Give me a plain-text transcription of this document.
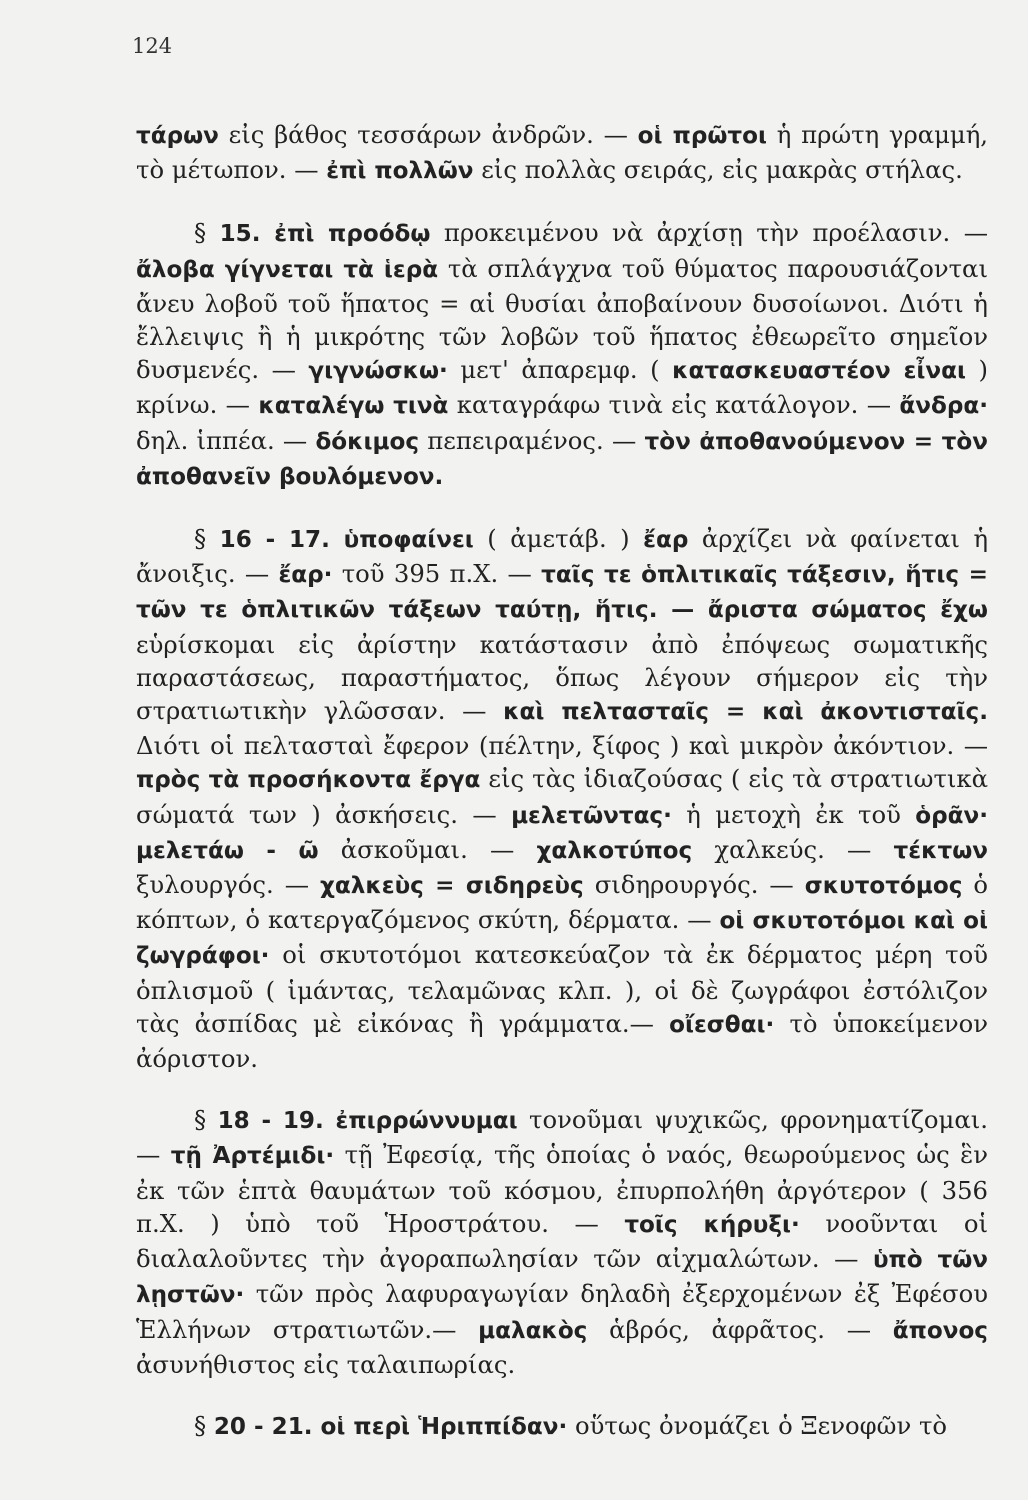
124

τάρων εἰς βάθος τεσσάρων ἀνδρῶν. — οἱ πρῶτοι ἡ πρώτη γραμμή, τὸ μέτωπον. — ἐπὶ πολλῶν εἰς πολλὰς σειράς, εἰς μακρὰς στήλας.

§ 15. ἐπὶ προόδῳ προκειμένου νὰ ἀρχίσῃ τὴν προέλασιν. — ἄλοβα γίγνεται τὰ ἱερὰ τὰ σπλάγχνα τοῦ θύματος παρουσιάζονται ἄνευ λοβοῦ τοῦ ἥπατος = αἱ θυσίαι ἀποβαίνουν δυσοίωνοι. Διότι ἡ ἔλλειψις ἢ ἡ μικρότης τῶν λοβῶν τοῦ ἥπατος ἐθεωρεῖτο σημεῖον δυσμενές. — γιγνώσκω· μετ' ἀπαρεμφ. ( κατασκευαστέον εἶναι ) κρίνω. — καταλέγω τινὰ καταγράφω τινὰ εἰς κατάλογον. — ἄνδρα· δηλ. ἱππέα. — δόκιμος πεπειραμένος. — τὸν ἀποθανούμενον = τὸν ἀποθανεῖν βουλόμενον.

§ 16 - 17. ὑποφαίνει ( ἀμετάβ. ) ἔαρ ἀρχίζει νὰ φαίνεται ἡ ἄνοιξις. — ἔαρ· τοῦ 395 π.Χ. — ταῖς τε ὁπλιτικαῖς τάξεσιν, ἥτις = τῶν τε ὁπλιτικῶν τάξεων ταύτῃ, ἥτις. — ἄριστα σώματος ἔχω εὑρίσκομαι εἰς ἀρίστην κατάστασιν ἀπὸ ἐπόψεως σωματικῆς παραστάσεως, παραστήματος, ὅπως λέγουν σήμερον εἰς τὴν στρατιωτικὴν γλῶσσαν. — καὶ πελτασταῖς = καὶ ἀκοντισταῖς. Διότι οἱ πελτασταὶ ἔφερον (πέλτην, ξίφος ) καὶ μικρὸν ἀκόντιον. — πρὸς τὰ προσήκοντα ἔργα εἰς τὰς ἰδιαζούσας ( εἰς τὰ στρατιωτικὰ σώματά των ) ἀσκήσεις. — μελετῶντας· ἡ μετοχὴ ἐκ τοῦ ὁρᾶν· μελετάω - ῶ ἀσκοῦμαι. — χαλκοτύπος χαλκεύς. — τέκτων ξυλουργός. — χαλκεὺς = σιδηρεὺς σιδηρουργός. — σκυτοτόμος ὁ κόπτων, ὁ κατεργαζόμενος σκύτη, δέρματα. — οἱ σκυτοτόμοι καὶ οἱ ζωγράφοι· οἱ σκυτοτόμοι κατεσκεύαζον τὰ ἐκ δέρματος μέρη τοῦ ὁπλισμοῦ ( ἱμάντας, τελαμῶνας κλπ. ), οἱ δὲ ζωγράφοι ἐστόλιζον τὰς ἀσπίδας μὲ εἰκόνας ἢ γράμματα.— οἴεσθαι· τὸ ὑποκείμενον ἀόριστον.

§ 18 - 19. ἐπιρρώννυμαι τονοῦμαι ψυχικῶς, φρονηματίζομαι. — τῇ Ἀρτέμιδι· τῇ Ἐφεσίᾳ, τῆς ὁποίας ὁ ναός, θεωρούμενος ὡς ἓν ἐκ τῶν ἑπτὰ θαυμάτων τοῦ κόσμου, ἐπυρπολήθη ἀργότερον ( 356 π.Χ. ) ὑπὸ τοῦ Ἡροστράτου. — τοῖς κήρυξι· νοοῦνται οἱ διαλαλοῦντες τὴν ἀγοραπωλησίαν τῶν αἰχμαλώτων. — ὑπὸ τῶν λῃστῶν· τῶν πρὸς λαφυραγωγίαν δηλαδὴ ἐξερχομένων ἐξ Ἐφέσου Ἑλλήνων στρατιωτῶν.— μαλακὸς ἁβρός, ἀφρᾶτος. — ἄπονος ἀσυνήθιστος εἰς ταλαιπωρίας.

§ 20 - 21. οἱ περὶ Ἡριππίδαν· οὕτως ὀνομάζει ὁ Ξενοφῶν τὸ
